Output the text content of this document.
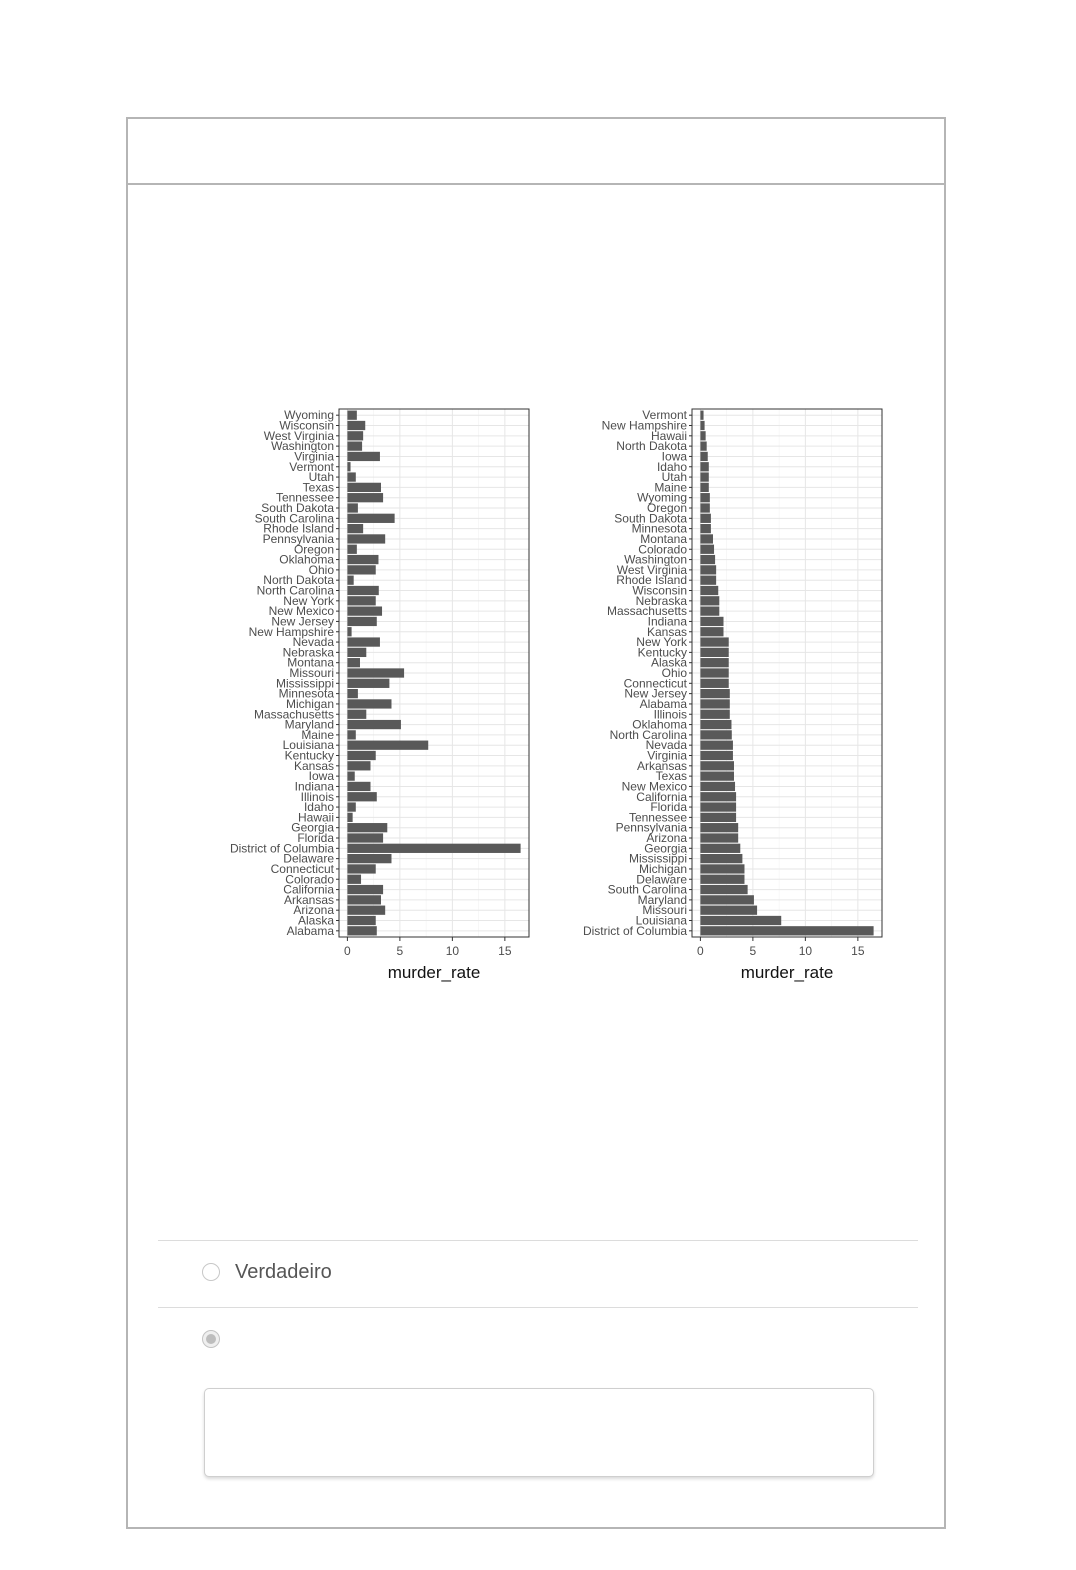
Alabama
Alaska
Arizona
Arkansas
California
Colorado
Connecticut
Delaware
District of Columbia
Florida
Georgia
Hawaii
Idaho
Illinois
Indiana
Iowa
Kansas
Kentucky
Louisiana
Maine
Maryland
Massachusetts
Michigan
Minnesota
Mississippi
Missouri
Montana
Nebraska
Nevada
New Hampshire
New Jersey
New Mexico
New York
North Carolina
North Dakota
Ohio
Oklahoma
Oregon
Pennsylvania
Rhode Island
South Carolina
South Dakota
Tennessee
Texas
Utah
Vermont
Virginia
Washington
West Virginia
Wisconsin
Wyoming
0	5	10	15
murder_rate
District of Columbia
Louisiana
Missouri
Maryland
South Carolina
Delaware
Michigan
Mississippi
Georgia
Arizona
Pennsylvania
Tennessee
Florida
California
New Mexico
Texas
Arkansas
Virginia
Nevada
North Carolina
Oklahoma
Illinois
Alabama
New Jersey
Connecticut
Ohio
Alaska
Kentucky
New York
Kansas
Indiana
Massachusetts
Nebraska
Wisconsin
Rhode Island
West Virginia
Washington
Colorado
Montana
Minnesota
South Dakota
Oregon
Wyoming
Maine
Utah
Idaho
Iowa
North Dakota
Hawaii
New Hampshire
Vermont
0	5	10	15
murder_rate
Verdadeiro
